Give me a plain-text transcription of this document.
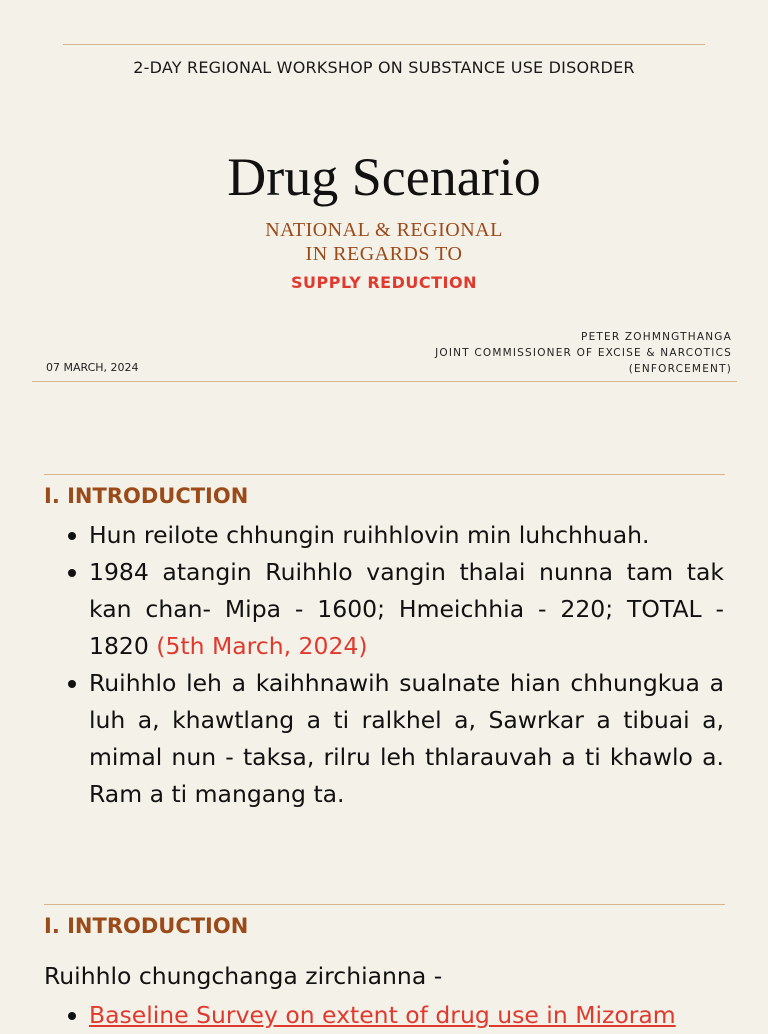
2-DAY REGIONAL WORKSHOP ON SUBSTANCE USE DISORDER
Drug Scenario
NATIONAL & REGIONAL
IN REGARDS TO
SUPPLY REDUCTION
PETER ZOHMNGTHANGA
JOINT COMMISSIONER OF EXCISE & NARCOTICS
(ENFORCEMENT)
07 MARCH, 2024
I. INTRODUCTION
Hun reilote chhungin ruihhlovin min luhchhuah.
1984 atangin Ruihhlo vangin thalai nunna tam tak kan chan- Mipa - 1600; Hmeichhia - 220; TOTAL - 1820 (5th March, 2024)
Ruihhlo leh a kaihhnawih sualnate hian chhungkua a luh a, khawtlang a ti ralkhel a, Sawrkar a tibuai a, mimal nun - taksa, rilru leh thlarauvah a ti khawlo a. Ram a ti mangang ta.
I. INTRODUCTION
Ruihhlo chungchanga zirchianna -
Baseline Survey on extent of drug use in Mizoram
